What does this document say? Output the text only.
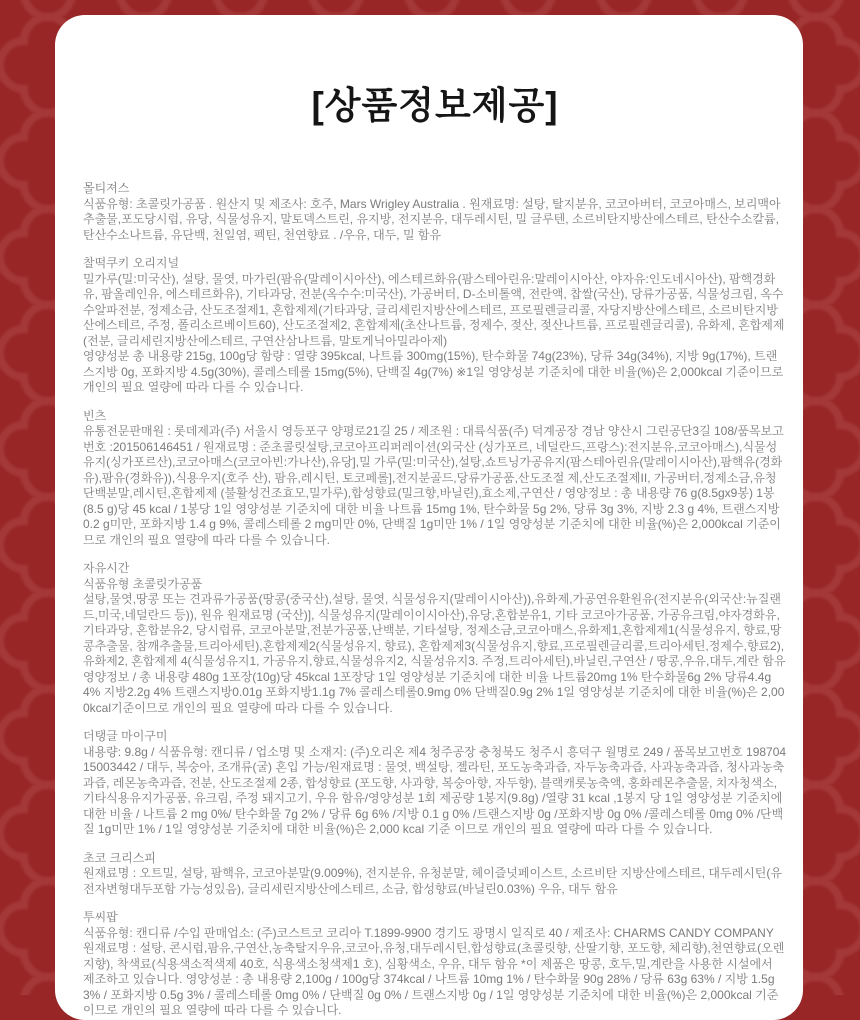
[상품정보제공]
몰티져스

식품유형: 초콜릿가공품 . 원산지 및 제조사: 호주, Mars Wrigley Australia . 원재료명: 설탕, 탈지분유, 코코아버터, 코코아매스, 보리맥아추출물,포도당시럽, 유당, 식물성유지, 말토덱스트린, 유지방, 전지분유, 대두레시틴, 밀 글루텐, 소르비탄지방산에스테르, 탄산수소칼륨,탄산수소나트륨, 유단백, 천일염, 펙틴, 천연향료 . /우유, 대두, 밀 함유

찰떡쿠키 오리지널

밀가루(밀:미국산), 설탕, 물엿, 마가린(팜유(말레이시아산), 에스테르화유(팜스테아린유:말레이시아산, 야자유:인도네시아산), 팜핵경화유, 팜올레인유, 에스테르화유), 기타과당, 전분(옥수수:미국산), 가공버터, D-소비톨액, 전란액, 찹쌀(국산), 당류가공품, 식물성크림, 옥수수알파전분, 정제소금, 산도조절제1, 혼합제제(기타과당, 글리세린지방산에스테르, 프로필렌글리콜, 자당지방산에스테르, 소르비탄지방산에스테르, 주정, 폴리소르베이트60), 산도조절제2, 혼합제제(초산나트륨, 정제수, 젖산, 젖산나트륨, 프로필렌글리콜), 유화제, 혼합제제(전분, 글리세린지방산에스테르, 구연산삼나트륨, 말토게닉아밀라아제)

영양성분 총 내용량 215g, 100g당 함량 : 열량 395kcal, 나트륨 300mg(15%), 탄수화물 74g(23%), 당류 34g(34%), 지방 9g(17%), 트랜스지방 0g, 포화지방 4.5g(30%), 콜레스테롤 15mg(5%), 단백질 4g(7%) ※1일 영양성분 기준치에 대한 비율(%)은 2,000kcal 기준이므로 개인의 필요 열량에 따라 다를 수 있습니다.

빈츠

유통전문판매원 : 롯데제과(주) 서울시 영등포구 양평로21길 25 / 제조원 : 대륙식품(주) 덕계공장 경남 양산시 그린공단3길 108/품목보고번호 :201506146451 / 원재료명 : 준초콜릿설탕,코코아프리퍼레이션(외국산 (싱가포르, 네덜란드,프랑스):전지분유,코코아매스),식물성 유지(싱가포르산),코코아매스(코코아빈:가나산),유당],밀 가루(밀:미국산),설탕,쇼트닝가공유지(팜스테아린유(말레이시아산),팜핵유(경화유),팜유(경화유)),식용우지(호주 산), 팜유,레시틴, 토코페롤],전지분골드,당류가공품,산도조절 제,산도조절제II, 가공버터,정제소금,유청단백분말,레시틴,혼합제제 (불활성건조효모,밀가루),합성향료(밀크향,바닐린),효소제,구연산 / 영양정보 : 총 내용량 76 g(8.5gx9봉) 1봉(8.5 g)당 45 kcal / 1봉당 1일 영양성분 기준치에 대한 비율 나트륨 15mg 1%, 탄수화물 5g 2%, 당류 3g 3%, 지방 2.3 g 4%, 트랜스지방 0.2 g미만, 포화지방 1.4 g 9%, 콜레스테롤 2 mg미만 0%, 단백질 1g미만 1% / 1일 영양성분 기준치에 대한 비율(%)은 2,000kcal 기준이므로 개인의 필요 열량에 따라 다를 수 있습니다.

자유시간

식품유형 초콜릿가공품

설탕,물엿,땅콩 또는 견과류가공품(땅콩(중국산),설탕, 물엿, 식물성유지(말레이시아산)),유화제,가공연유환원유(전지분유(외국산:뉴질랜드,미국,네덜란드 등)), 원유 원재료명 (국산)], 식물성유지(말레이이시아산),유당,혼합분유1, 기타 코코아가공품, 가공유크림,야자경화유,기타과당, 혼합분유2, 당시럽류, 코코아분말,전분가공품,난백분, 기타설탕, 정제소금,코코아매스,유화제1,혼합제제1(식물성유지, 향료,땅콩추출물, 참깨추출물,트리아세틴),혼합제제2(식물성유지, 향료), 혼합제제3(식물성유지,향료,프로필렌글리콜,트리아세틴,정제수,향료2),유화제2, 혼합제제 4(식물성유지1, 가공유지,향료,식물성유지2, 식물성유지3. 주정,트리아세틴),바닐린,구연산 / 땅콩,우유,대두,계란 함유

영양정보 / 총 내용량 480g 1포장(10g)당 45kcal 1포장당 1일 영양성분 기준치에 대한 비율 나트륨20mg 1% 탄수화물6g 2% 당류4.4g 4% 지방2.2g 4% 트랜스지방0.01g 포화지방1.1g 7% 콜레스테롤0.9mg 0% 단백질0.9g 2% 1일 영양성분 기준치에 대한 비율(%)은 2,000kcal기준이므로 개인의 필요 열량에 따라 다를 수 있습니다.

더탱글 마이구미

내용량: 9.8g / 식품유형: 캔디류 / 업소명 및 소재지: (주)오리온 제4 청주공장 충청북도 청주시 흥덕구 월명로 249 / 품목보고번호 19870415003442 / 대두, 복숭아, 조개류(굴) 혼입 가능/원재료명 : 물엿, 백설탕, 젤라틴, 포도농축과즙, 자두농축과즙, 사과농축과즙, 청사과농축과즙, 레몬농축과즙, 전분, 산도조절제 2종, 합성향료 (포도향, 사과향, 복숭아향, 자두향), 블랙캐롯농축액, 홍화레몬추출물, 치자청색소, 기타식용유지가공품, 유크림, 주정 돼지고기, 우유 함유/영양성분 1회 제공량 1봉지(9.8g) /열량 31 kcal ,1봉지 당 1일 영양성분 기준치에 대한 비율 / 나트륨 2 mg 0%/ 탄수화물 7g 2% / 당류 6g 6% /지방 0.1 g 0% /트랜스지방 0g /포화지방 0g 0% /콜레스테롤 0mg 0% /단백질 1g미만 1% / 1일 영양성분 기준치에 대한 비율(%)은 2,000 kcal 기준 이므로 개인의 필요 열량에 따라 다를 수 있습니다.

초코 크리스피

원재료명 : 오트밀, 설탕, 팜핵유, 코코아분말(9.009%), 전지분유, 유청분말, 헤이즐넛페이스트, 소르비탄 지방산에스테르, 대두레시틴(유전자변형대두포함 가능성있음), 글리세린지방산에스테르, 소금, 합성향료(바닐린0.03%) 우유, 대두 함유

투씨팝

식품유형: 캔디류 /수입 판매업소: (주)코스트코 코리아 T.1899-9900 경기도 광명시 일직로 40 / 제조사: CHARMS CANDY COMPANY 원재료명 : 설탕, 콘시럽,팜유,구연산,농축탈지우유,코코아,유청,대두레시틴,합성향료(초콜릿향, 산딸기향, 포도향, 체리향),천연향료(오렌지향), 착색료(식용색소적색제 40호, 식용색소청색제1 호), 심황색소, 우유, 대두 함유 *이 제품은 땅콩, 호두,밀,계란을 사용한 시설에서 제조하고 있습니다. 영양성분 : 총 내용량 2,100g / 100g당 374kcal / 나트륨 10mg 1% / 탄수화물 90g 28% / 당류 63g 63% / 지방 1.5g 3% / 포화지방 0.5g 3% / 콜레스테롤 0mg 0% / 단백질 0g 0% / 트랜스지방 0g / 1일 영양성분 기준치에 대한 비율(%)은 2,000kcal 기준이므로 개인의 필요 열량에 따라 다를 수 있습니다.
